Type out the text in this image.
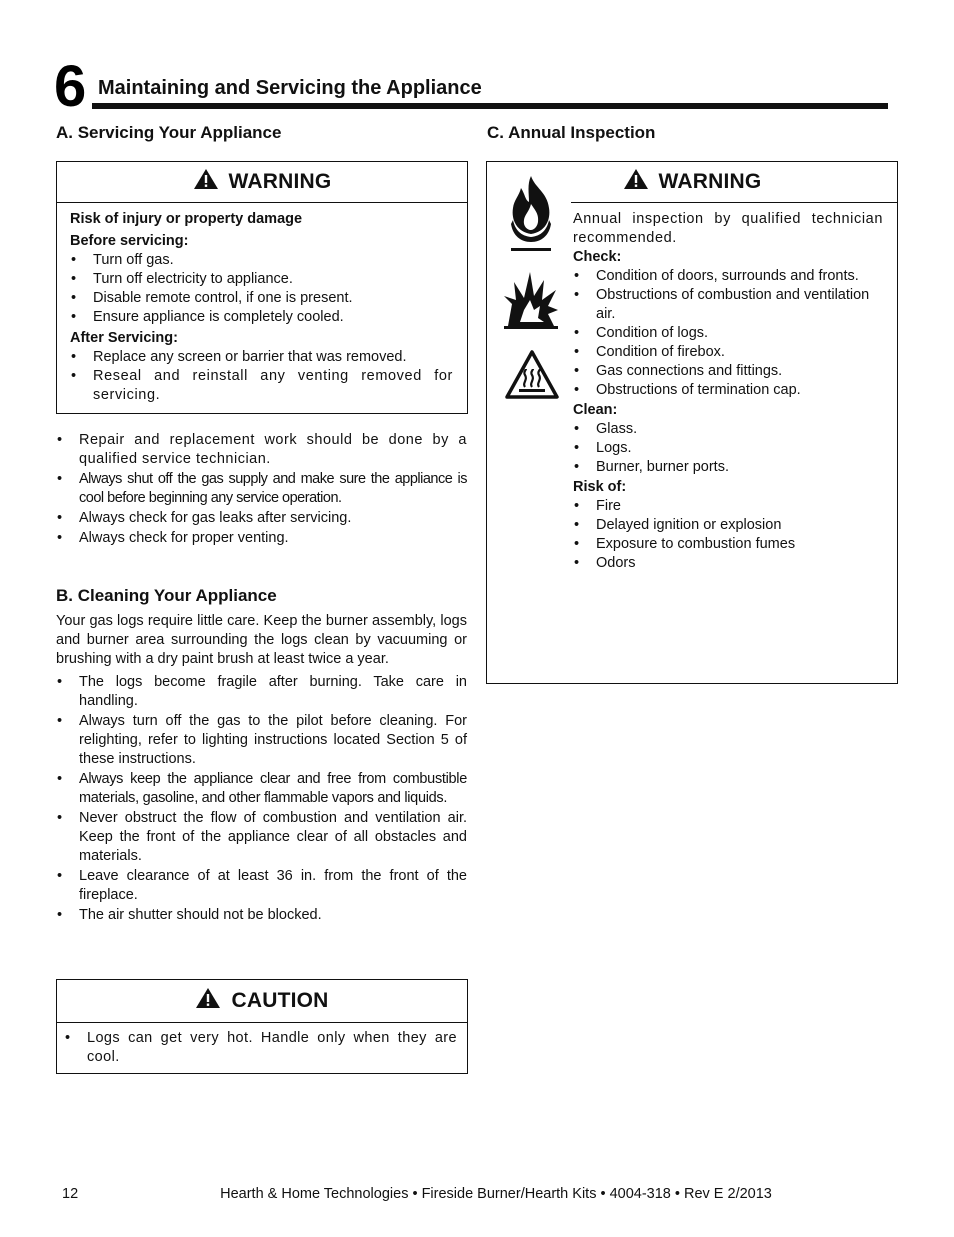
6 Maintaining and Servicing the Appliance
A. Servicing Your Appliance
WARNING
Risk of injury or property damage
Before servicing:
• Turn off gas.
• Turn off electricity to appliance.
• Disable remote control, if one is present.
• Ensure appliance is completely cooled.
After Servicing:
• Replace any screen or barrier that was removed.
• Reseal and reinstall any venting removed for servicing.
• Repair and replacement work should be done by a qualified service technician.
• Always shut off the gas supply and make sure the appliance is cool before beginning any service operation.
• Always check for gas leaks after servicing.
• Always check for proper venting.
B. Cleaning Your Appliance

Your gas logs require little care. Keep the burner assembly, logs and burner area surrounding the logs clean by vacuuming or brushing with a dry paint brush at least twice a year.

• The logs become fragile after burning. Take care in handling.
• Always turn off the gas to the pilot before cleaning. For relighting, refer to lighting instructions located Section 5 of these instructions.
• Always keep the appliance clear and free from combustible materials, gasoline, and other flammable vapors and liquids.
• Never obstruct the flow of combustion and ventilation air. Keep the front of the appliance clear of all obstacles and materials.
• Leave clearance of at least 36 in. from the front of the fireplace.
• The air shutter should not be blocked.
CAUTION
• Logs can get very hot. Handle only when they are cool.
C. Annual Inspection
WARNING

Annual inspection by qualified technician recommended.

Check:
• Condition of doors, surrounds and fronts.
• Obstructions of combustion and ventilation air.
• Condition of logs.
• Condition of firebox.
• Gas connections and fittings.
• Obstructions of termination cap.
Clean:
• Glass.
• Logs.
• Burner, burner ports.
Risk of:
• Fire
• Delayed ignition or explosion
• Exposure to combustion fumes
• Odors
12	Hearth & Home Technologies • Fireside Burner/Hearth Kits • 4004-318 • Rev E 2/2013
